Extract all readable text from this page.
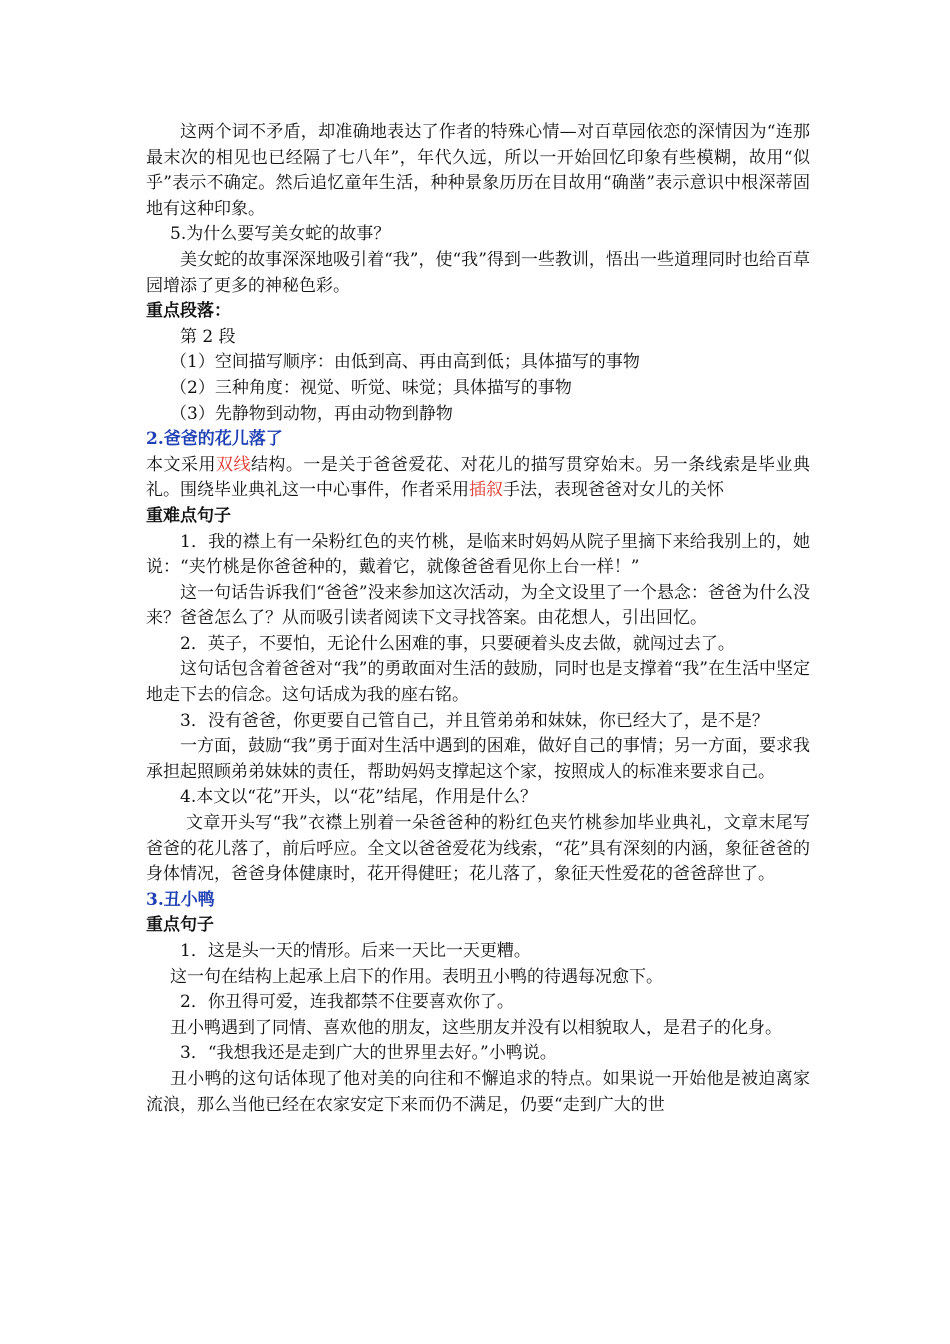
这两个词不矛盾，却准确地表达了作者的特殊心情—对百草园依恋的深情因为“连那最末次的相见也已经隔了七八年”，年代久远，所以一开始回忆印象有些模糊，故用“似乎”表示不确定。然后追忆童年生活，种种景象历历在目故用“确凿”表示意识中根深蒂固地有这种印象。

5.为什么要写美女蛇的故事？

美女蛇的故事深深地吸引着“我”，使“我”得到一些教训，悟出一些道理同时也给百草园增添了更多的神秘色彩。

重点段落：

第 2 段

（1）空间描写顺序：由低到高、再由高到低；具体描写的事物

（2）三种角度：视觉、听觉、味觉；具体描写的事物

（3）先静物到动物，再由动物到静物

2.爸爸的花儿落了

本文采用双线结构。一是关于爸爸爱花、对花儿的描写贯穿始末。另一条线索是毕业典礼。围绕毕业典礼这一中心事件，作者采用插叙手法，表现爸爸对女儿的关怀

重难点句子

1．我的襟上有一朵粉红色的夹竹桃，是临来时妈妈从院子里摘下来给我别上的，她说：“夹竹桃是你爸爸种的，戴着它，就像爸爸看见你上台一样！”

这一句话告诉我们“爸爸”没来参加这次活动，为全文设里了一个悬念：爸爸为什么没来？爸爸怎么了？从而吸引读者阅读下文寻找答案。由花想人，引出回忆。

2．英子，不要怕，无论什么困难的事，只要硬着头皮去做，就闯过去了。

这句话包含着爸爸对“我”的勇敢面对生活的鼓励，同时也是支撑着“我”在生活中坚定地走下去的信念。这句话成为我的座右铭。

3．没有爸爸，你更要自己管自己，并且管弟弟和妹妹，你已经大了，是不是？

一方面，鼓励“我”勇于面对生活中遇到的困难，做好自己的事情；另一方面，要求我承担起照顾弟弟妹妹的责任，帮助妈妈支撑起这个家，按照成人的标准来要求自己。

4.本文以“花”开头，以“花”结尾，作用是什么？

文章开头写“我”衣襟上别着一朵爸爸种的粉红色夹竹桃参加毕业典礼，文章末尾写爸爸的花儿落了，前后呼应。全文以爸爸爱花为线索，“花”具有深刻的内涵，象征爸爸的身体情况，爸爸身体健康时，花开得健旺；花儿落了，象征天性爱花的爸爸辞世了。

3.丑小鸭

重点句子

1．这是头一天的情形。后来一天比一天更糟。

这一句在结构上起承上启下的作用。表明丑小鸭的待遇每况愈下。

2．你丑得可爱，连我都禁不住要喜欢你了。

丑小鸭遇到了同情、喜欢他的朋友，这些朋友并没有以相貌取人，是君子的化身。

3．“我想我还是走到广大的世界里去好。”小鸭说。

丑小鸭的这句话体现了他对美的向往和不懈追求的特点。如果说一开始他是被迫离家流浪，那么当他已经在农家安定下来而仍不满足，仍要“走到广大的世
